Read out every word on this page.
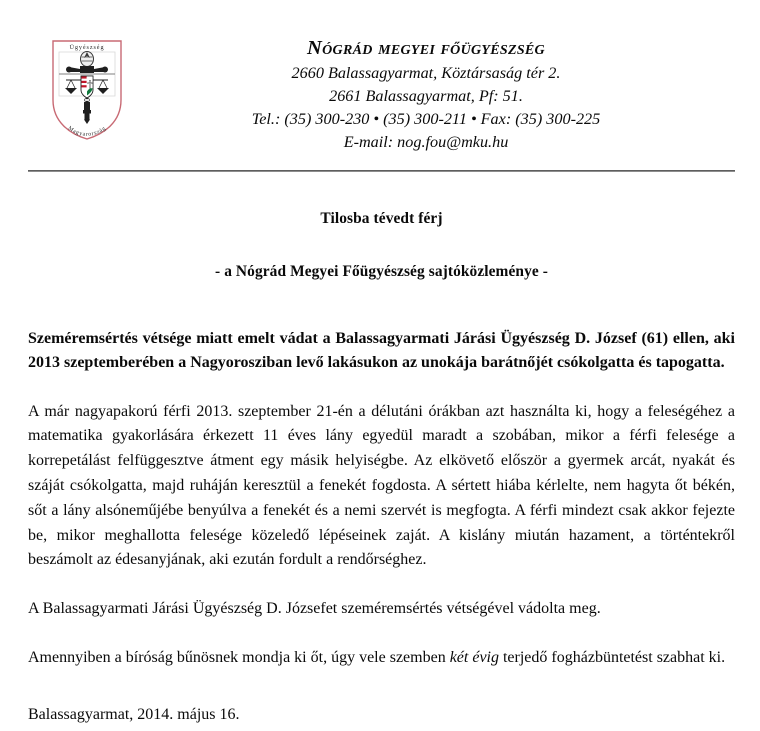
Ügyészség
Magyarország
Nógrád megyei főügyészség
2660 Balassagyarmat, Köztársaság tér 2.
2661 Balassagyarmat, Pf: 51.
Tel.: (35) 300-230 • (35) 300-211 • Fax: (35) 300-225
E-mail: nog.fou@mku.hu
Tilosba tévedt férj
- a Nógrád Megyei Főügyészség sajtóközleménye -

Szeméremsértés vétsége miatt emelt vádat a Balassagyarmati Járási Ügyészség D. József (61) ellen, aki 2013 szeptemberében a Nagyorosziban levő lakásukon az unokája barátnőjét csókolgatta és tapogatta.

A már nagyapakorú férfi 2013. szeptember 21-én a délutáni órákban azt használta ki, hogy a feleségéhez a matematika gyakorlására érkezett 11 éves lány egyedül maradt a szobában, mikor a férfi felesége a korrepetálást felfüggesztve átment egy másik helyiségbe. Az elkövető először a gyermek arcát, nyakát és száját csókolgatta, majd ruháján keresztül a fenekét fogdosta. A sértett hiába kérlelte, nem hagyta őt békén, sőt a lány alsóneműjébe benyúlva a fenekét és a nemi szervét is megfogta. A férfi mindezt csak akkor fejezte be, mikor meghallotta felesége közeledő lépéseinek zaját. A kislány miután hazament, a történtekről beszámolt az édesanyjának, aki ezután fordult a rendőrséghez.

A Balassagyarmati Járási Ügyészség D. Józsefet szeméremsértés vétségével vádolta meg.

Amennyiben a bíróság bűnösnek mondja ki őt, úgy vele szemben két évig terjedő fogházbüntetést szabhat ki.

Balassagyarmat, 2014. május 16.
